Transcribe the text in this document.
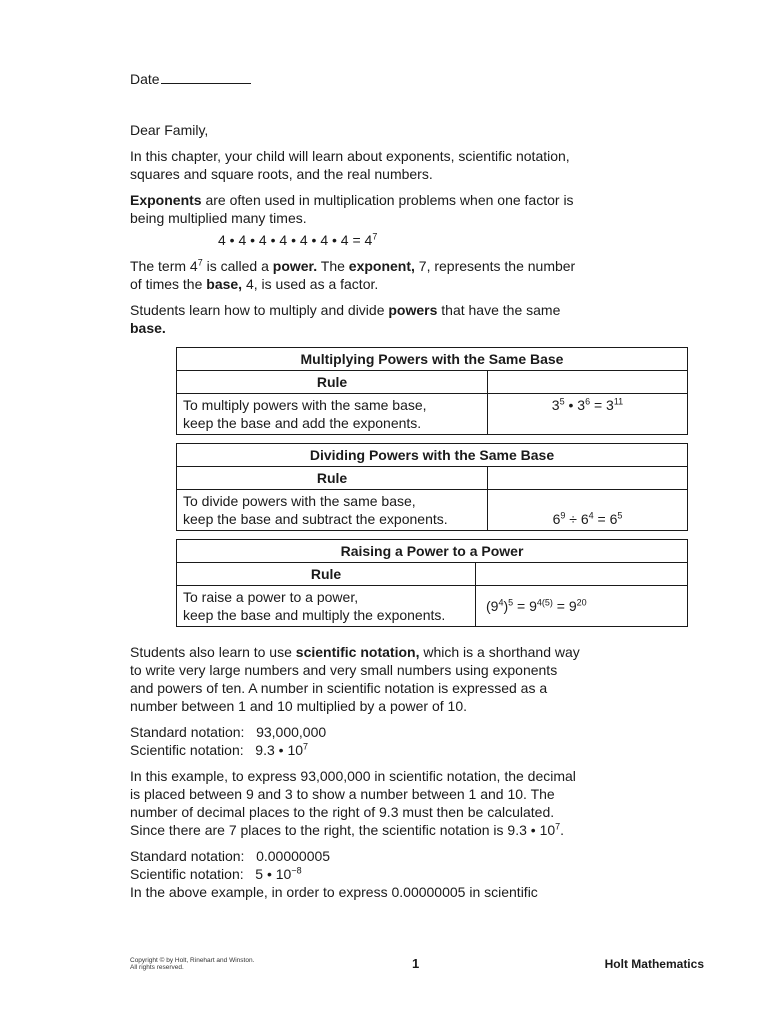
Date

Dear Family,

In this chapter, your child will learn about exponents, scientific notation, squares and square roots, and the real numbers.

Exponents are often used in multiplication problems when one factor is being multiplied many times.

4 • 4 • 4 • 4 • 4 • 4 • $4 = 4^7$

The term $4^7$ is called a power. The exponent, 7, represents the number of times the base, 4, is used as a factor.

Students learn how to multiply and divide powers that have the same base.

Multiplying Powers with the Same Base	
Rule	
To multiply powers with the same base,
keep the base and add the exponents.	$3^5$ • $3^6 = 3^{11}$
Dividing Powers with the Same Base	
Rule	
To divide powers with the same base,
keep the base and subtract the exponents.	$6^9 \div 6^4 = 6^5$
Raising a Power to a Power	
Rule	
To raise a power to a power,
keep the base and multiply the exponents.	$(9^4)^5 = 9^{4(5)} = 9^{20}$

Students also learn to use scientific notation, which is a shorthand way to write very large numbers and very small numbers using exponents and powers of ten. A number in scientific notation is expressed as a number between 1 and 10 multiplied by a power of 10.

Standard notation: 93,000,000

Scientific notation: 9.3 • $10^7$

In this example, to express 93,000,000 in scientific notation, the decimal is placed between 9 and 3 to show a number between 1 and 10. The number of decimal places to the right of 9.3 must then be calculated. Since there are 7 places to the right, the scientific notation is 9.3 • $10^7$.

Standard notation: 0.00000005

Scientific notation: 5 • $10^{-8}$

In the above example, in order to express 0.00000005 in scientific

Copyright © by Holt, Rinehart and Winston.
All rights reserved.	1	Holt Mathematics
